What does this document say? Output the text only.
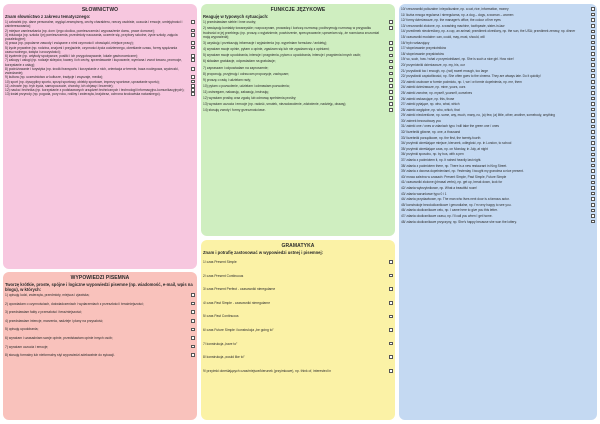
SŁOWNICTWO
Znam słownictwo z zakresu tematycznego:
1) człowiek (np. dane personalne, wygląd zewnętrzny, cechy charakteru, rzeczy osobiste, uczucia i emocje, umiejętności i zainteresowania);
2) miejsce zamieszkania (np. dom i jego okolica, pomieszczenia i wyposażenie domu, prace domowe);
3) edukacja (np. szkoła i jej pomieszczenia, przedmioty nauczania, uczenie się, przybory szkolne, życie szkoły, zajęcia pozalekcyjne);
4) praca (np. popularne zawody i związane z nimi czynności i obowiązki, miejsce pracy);
5) życie prywatne (np. rodzina, znajomi i przyjaciele, czynności życia codziennego, określanie czasu, formy spędzania czasu wolnego, święta i uroczystości);
6) żywienie (np. artykuły spożywcze, posiłki i ich przygotowywanie, lokale gastronomiczne);
7) zakupy i usługi (np. rodzaje sklepów, towary i ich cechy, sprzedawanie i kupowanie, wymiana i zwrot towaru, promocje, korzystanie z usług);
8) podróżowanie i turystyka (np. środki transportu i korzystanie z nich, orientacja w terenie, baza noclegowa, wycieczki, zwiedzanie);
9) kultura (np. uczestnictwo w kulturze, tradycje i zwyczaje, media);
10) sport (np. dyscypliny sportu, sprzęt sportowy, obiekty sportowe, imprezy sportowe, uprawianie sportu);
11) zdrowie (np. tryb życia, samopoczucie, choroby, ich objawy i leczenie);
12) nauka i technika (np. korzystanie z podstawowych urządzeń technicznych i technologii informacyjno-komunikacyjnych);
13) świat przyrody (np. pogoda, pory roku, rośliny i zwierzęta, krajobraz, ochrona środowiska naturalnego).
WYPOWIEDZI PISEMNA
Tworzę krótkie, proste, spójne i logiczne wypowiedzi pisemne (np. wiadomość, e-mail, wpis na blogu), w których:
1) opisuję ludzi, zwierzęta, przedmioty, miejsca i zjawiska;
2) opowiadam o czynnościach, doświadczeniach i wydarzeniach z przeszłości i teraźniejszości;
3) przedstawiam fakty z przeszłości i teraźniejszości;
4) przedstawiam intencje, marzenia, nadzieje i plany na przyszłość;
5) opisuję upodobania;
6) wyrażam i uzasadniam swoje opinie, przedstawiam opinie innych osób;
7) wyrażam uczucia i emocje;
8) stosuję formalny lub nieformalny styl wypowiedzi adekwatnie do sytuacji.
FUNKCJE JĘZYKOWE
Reaguję w typowych sytuacjach:
1) przedstawiam siebie i inne osoby;
2) nawiązuję kontakty towarzyskie; rozpoczynam, prowadzę i kończę rozmowę; podtrzymuję rozmowę w przypadku trudności w jej przebiegu (np. proszę o wyjaśnienie, powtórzenie, sprecyzowanie; upewniam się, że rozmówca zrozumiał moją wypowiedź);
3) uzyskuję i przekazuję informacje i wyjaśnienia (np. wypełniam formularz / ankietę);
4) wyrażam swoje opinie, pytam o opinie, zgadzam się lub nie zgadzam się z opiniami;
5) wyrażam swoje upodobania, intencje i pragnienia, pytam o upodobania, intencje i pragnienia innych osób;
6) składam gratulacje, odpowiadam na gratulacje;
7) zapraszam i odpowiadam na zaproszenie;
8) proponuję, przyjmuję i odrzucam propozycje, zachęcam;
9) proszę o radę i udzielam rady;
10) pytam o pozwolenie, udzielam i odmawiam pozwolenia;
11) ostrzegam, nakazuję, zakazuję, instruuję;
12) wyrażam prośbę oraz zgodę lub odmowę spełnienia prośby;
13) wyrażam uczucia i emocje (np. radość, smutek, niezadowolenie, zdziwienie, nadzieję, obawę);
14) stosuję zwroty i formy grzecznościowe.
GRAMATYKA
Znam i potrafię zastosować w wypowiedzi ustnej i pisemnej:
1/ czas Present Simple
2/ czas Present Continuous
3/ czas Present Perfect - czasowniki nieregularne
4/ czas Past Simple - czasowniki nieregularne
5/ czas Past Continuous
6/ czas Future Simple i konstrukcja „be going to”
7/ konstrukcja „have to”
8/ konstrukcja „would like to”
9/ przyimki określających czas/miejsce/kierunek (przyimkowe), np. think of, interested in
10/ rzeczowniki policzalne i niepoliczalne, np. a cat, rice, information, money
11/ liczba mnoga regularna i nieregularna, np. a dog – dogs, a woman – women
12/ formy dzierżawcze, np. the manager's office, the colour of her eyes
13/ rzeczowniki złożone, np. a washing machine, toothpaste, sister-in-law
14/ przedimek nieokreślony, np. a cup, an animal; przedimek określony, np. the sun, the USA; przedimek zerowy, np. dinner
15/ czasowniki modalne: can, could, may, must, should, will
16/ tryb rozkazujący
17/ stopniowanie przymiotników
18/ stopniowanie przysłówków
19/ so, such, how / what z przymiotnikami, np. She is such a nice girl. How nice!
20/ przymiotniki dzierżawcze, np. my, his, our
21/ przysłówki too i enough, np. (not) sweet enough, too large
22/ przysłówki częstotliwości, np. She often goes to the cinema. They are always late. Do it quickly!
23/ zaimki osobowe w formie podmiotu, np. I, we i w formie dopełnienia, np. me, them
24/ zaimki dzierżawcze, np. mine, yours, ours
25/ zaimki zwrotne, np. myself, yourself, ourselves
26/ zaimki wskazujące, np. this, those
27/ zaimki pytające, np. who, what, which
28/ zaimki względne, np. who, which, that
29/ zaimki nieokreślone, np. some, any, much, many, no, (a) few, (a) little, other, another, somebody, anything
30/ zaimek bezosobowy you
31/ zaimki one / ones w zdaniach typu I will take the green one / ones
32/ liczebniki główne, np. one, a thousand
33/ liczebniki porządkowe, np. the first, the twenty-fourth
34/ przyimki określające miejsce, kierunek, odległość, np. in London, to school
35/ przyimki określające czas, np. on Monday, in July, at night
36/ przyimki sposobu, np. by bus, with a pen
37/ zdania z podmiotem it, np. It rained heavily last night.
38/ zdania z podmiotem there, np. There is a new restaurant in King Street.
39/ zdania z dwoma dopełnieniami, np. Yesterday I bought my grandma a nice present.
40/ mowa zależna w czasach: Present Simple, Past Simple, Future Simple
41/ czasowniki złożone (phrasal verbs), np. get up, break down, look for
42/ zdania wykrzyknikowe, np. What a beautiful room!
43/ zdania warunkowe typu 0 i 1
44/ zdania przydawkowe, np. The man who lives next door is a famous actor.
45/ konstrukcje bezokolicznikowe i gerundialne, np. I'm very happy to see you.
46/ zdania okolicznikowe celu, np. I came here to give you this letter.
47/ zdania okolicznikowe czasu, np. I'll call you when I get home.
48/ zdania okolicznikowe przyczyny, np. She's happy because she won the lottery.
